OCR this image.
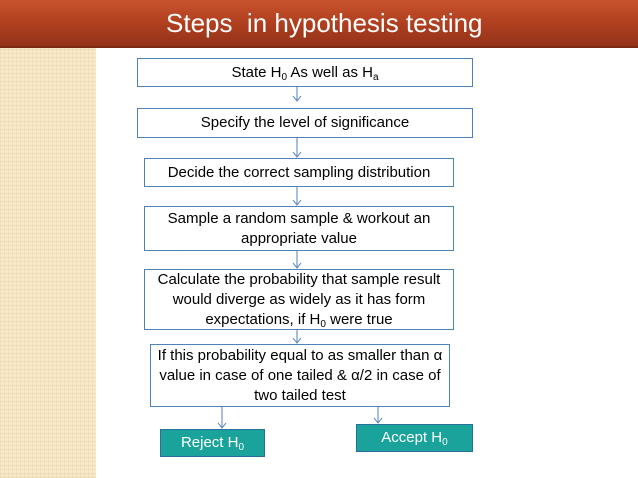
Steps  in hypothesis testing
State $H_0$ As well as $H_a$
Specify the level of significance
Decide the correct sampling distribution
Sample a random sample & workout an
appropriate value
Calculate the probability that sample result
would diverge as widely as it has form
expectations, if $H_0$ were true
If this probability equal to as smaller than α
value in case of one tailed & α/2 in case of
two tailed test
Reject $H_0$
Accept $H_0$
